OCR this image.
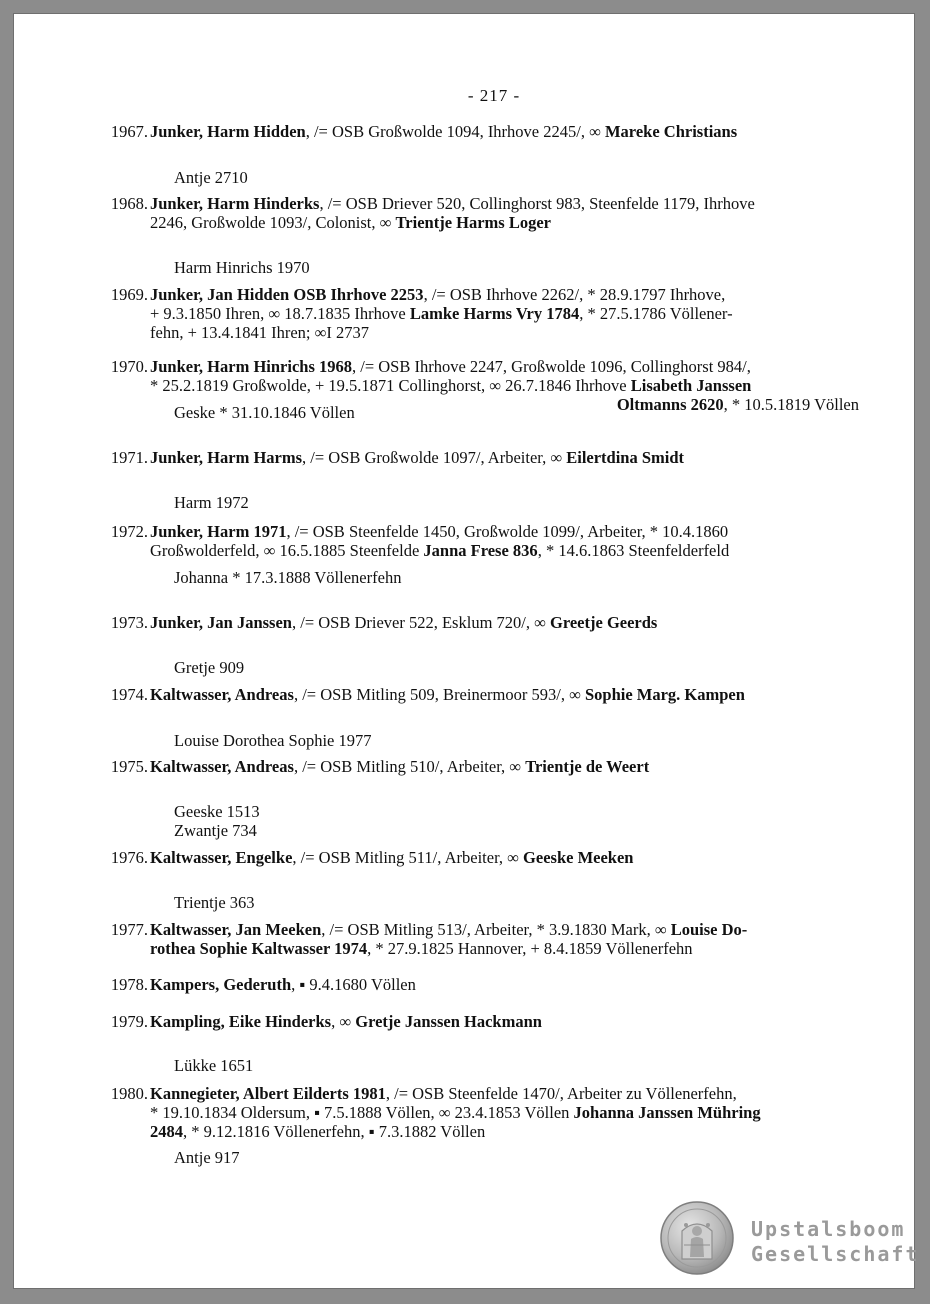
- 217 -
1967. Junker, Harm Hidden, /= OSB Großwolde 1094, Ihrhove 2245/, ∞ Mareke Christians
Antje 2710
1968. Junker, Harm Hinderks, /= OSB Driever 520, Collinghorst 983, Steenfelde 1179, Ihrhove
2246, Großwolde 1093/, Colonist, ∞ Trientje Harms Loger
Harm Hinrichs 1970
1969. Junker, Jan Hidden OSB Ihrhove 2253, /= OSB Ihrhove 2262/, * 28.9.1797 Ihrhove,
+ 9.3.1850 Ihren, ∞ 18.7.1835 Ihrhove Lamke Harms Vry 1784, * 27.5.1786 Völlener-
fehn, + 13.4.1841 Ihren; ∞I 2737
1970. Junker, Harm Hinrichs 1968, /= OSB Ihrhove 2247, Großwolde 1096, Collinghorst 984/,
* 25.2.1819 Großwolde, + 19.5.1871 Collinghorst, ∞ 26.7.1846 Ihrhove Lisabeth Janssen
Oltmanns 2620, * 10.5.1819 Völlen
Geske * 31.10.1846 Völlen
1971. Junker, Harm Harms, /= OSB Großwolde 1097/, Arbeiter, ∞ Eilertdina Smidt
Harm 1972
1972. Junker, Harm 1971, /= OSB Steenfelde 1450, Großwolde 1099/, Arbeiter, * 10.4.1860
Großwolderfeld, ∞ 16.5.1885 Steenfelde Janna Frese 836, * 14.6.1863 Steenfelderfeld
Johanna * 17.3.1888 Völlenerfehn
1973. Junker, Jan Janssen, /= OSB Driever 522, Esklum 720/, ∞ Greetje Geerds
Gretje 909
1974. Kaltwasser, Andreas, /= OSB Mitling 509, Breinermoor 593/, ∞ Sophie Marg. Kampen
Louise Dorothea Sophie 1977
1975. Kaltwasser, Andreas, /= OSB Mitling 510/, Arbeiter, ∞ Trientje de Weert
Geeske 1513
Zwantje 734
1976. Kaltwasser, Engelke, /= OSB Mitling 511/, Arbeiter, ∞ Geeske Meeken
Trientje 363
1977. Kaltwasser, Jan Meeken, /= OSB Mitling 513/, Arbeiter, * 3.9.1830 Mark, ∞ Louise Do-
rothea Sophie Kaltwasser 1974, * 27.9.1825 Hannover, + 8.4.1859 Völlenerfehn
1978. Kampers, Gederuth, ▪ 9.4.1680 Völlen
1979. Kampling, Eike Hinderks, ∞ Gretje Janssen Hackmann
Lükke 1651
1980. Kannegieter, Albert Eilderts 1981, /= OSB Steenfelde 1470/, Arbeiter zu Völlenerfehn,
* 19.10.1834 Oldersum, ▪ 7.5.1888 Völlen, ∞ 23.4.1853 Völlen Johanna Janssen Mühring
2484, * 9.12.1816 Völlenerfehn, ▪ 7.3.1882 Völlen
Antje 917
Upstalsboom
Gesellschaft
